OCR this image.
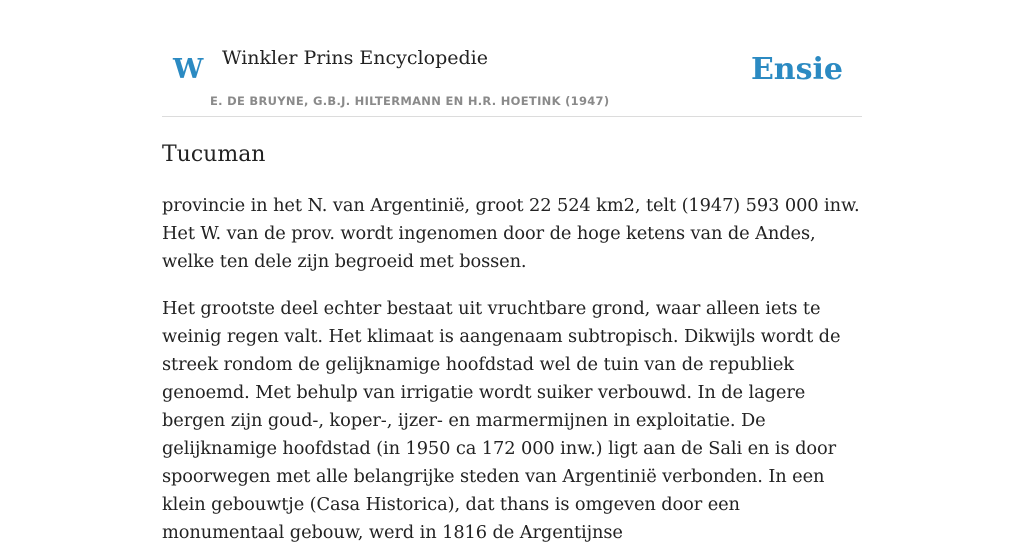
W Winkler Prins Encyclopedie
E. DE BRUYNE, G.B.J. HILTERMANN EN H.R. HOETINK (1947)
Ensie
Tucuman

provincie in het N. van Argentinië, groot 22 524 km2, telt (1947) 593 000 inw. Het W. van de prov. wordt ingenomen door de hoge ketens van de Andes, welke ten dele zijn begroeid met bossen.

Het grootste deel echter bestaat uit vruchtbare grond, waar alleen iets te weinig regen valt. Het klimaat is aangenaam subtropisch. Dikwijls wordt de streek rondom de gelijknamige hoofdstad wel de tuin van de republiek genoemd. Met behulp van irrigatie wordt suiker verbouwd. In de lagere bergen zijn goud-, koper-, ijzer- en marmermijnen in exploitatie. De gelijknamige hoofdstad (in 1950 ca 172 000 inw.) ligt aan de Sali en is door spoorwegen met alle belangrijke steden van Argentinië verbonden. In een klein gebouwtje (Casa Historica), dat thans is omgeven door een monumentaal gebouw, werd in 1816 de Argentijnse
